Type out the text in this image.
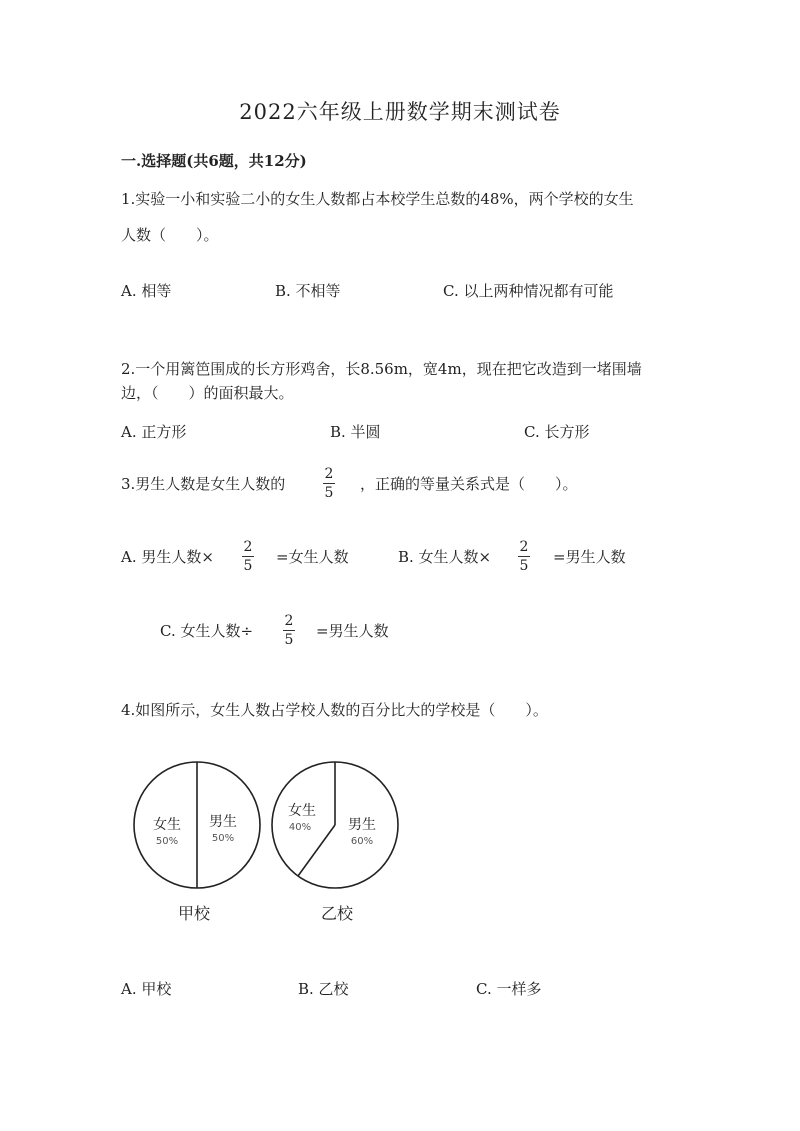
2022六年级上册数学期末测试卷
一.选择题(共6题，共12分)
1.实验一小和实验二小的女生人数都占本校学生总数的48%，两个学校的女生
人数（　　）。
A. 相等	B. 不相等	C. 以上两种情况都有可能
2.一个用篱笆围成的长方形鸡舍，长8.56m，宽4m，现在把它改造到一堵围墙
边，（　　）的面积最大。
A. 正方形	B. 半圆	C. 长方形
3.男生人数是女生人数的
2
5 ，正确的等量关系式是（　　）。
A. 男生人数×
2
5 =女生人数	B. 女生人数×
2
5 =男生人数
C. 女生人数÷
2
5 =男生人数
4.如图所示，女生人数占学校人数的百分比大的学校是（　　）。
女生
50%
男生
50%
甲校
女生
40%	男生
60%
乙校
A. 甲校	B. 乙校	C. 一样多
